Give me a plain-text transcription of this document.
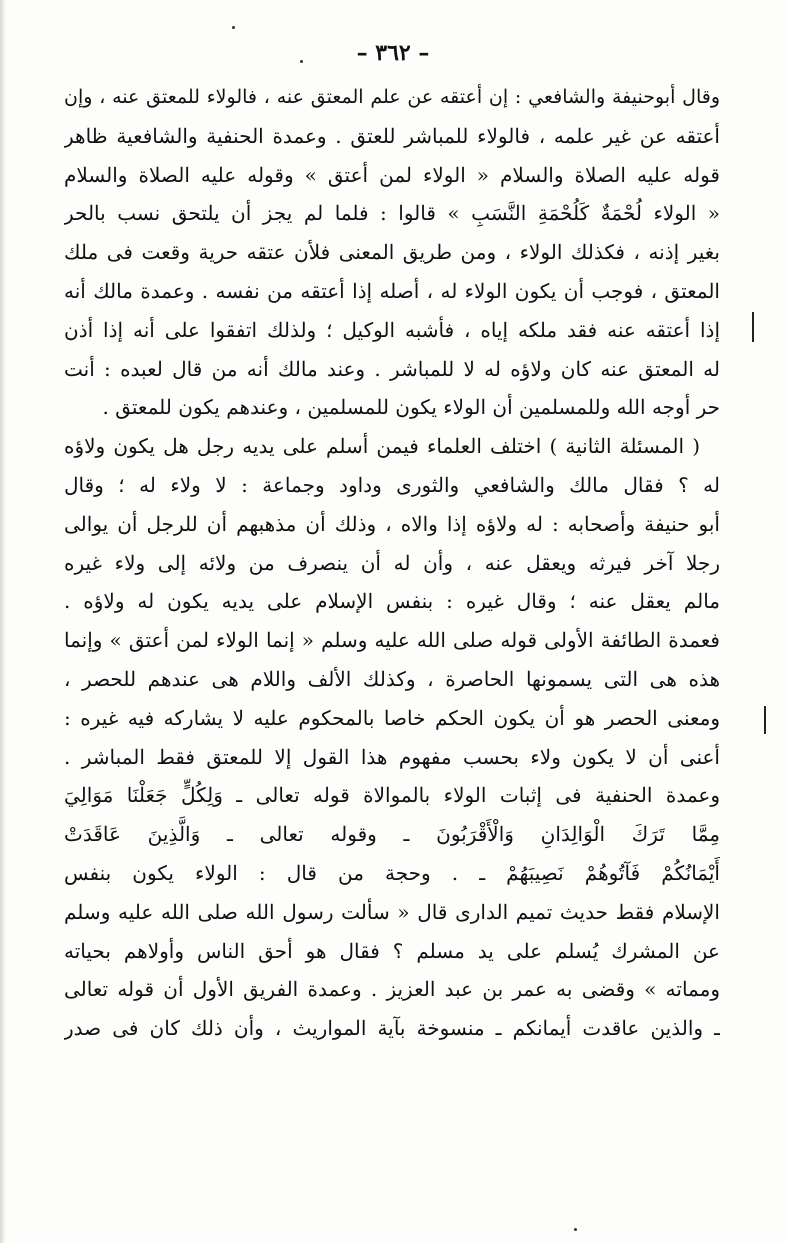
– ٣٦٢ –
وقال أبوحنيفة والشافعي : إن أعتقه عن علم المعتق عنه ، فالولاء للمعتق عنه ، وإن
أعتقه عن غير علمه ، فالولاء للمباشر للعتق . وعمدة الحنفية والشافعية ظاهر
قوله عليه الصلاة والسلام « الولاء لمن أعتق » وقوله عليه الصلاة والسلام
« الولاء لُحْمَةٌ كَلُحْمَةِ النَّسَبِ » قالوا : فلما لم يجز أن يلتحق نسب بالحر
بغير إذنه ، فكذلك الولاء ، ومن طريق المعنى فلأن عتقه حرية وقعت فى ملك
المعتق ، فوجب أن يكون الولاء له ، أصله إذا أعتقه من نفسه . وعمدة مالك أنه
إذا أعتقه عنه فقد ملكه إياه ، فأشبه الوكيل ؛ ولذلك اتفقوا على أنه إذا أذن
له المعتق عنه كان ولاؤه له لا للمباشر . وعند مالك أنه من قال لعبده : أنت
حر أوجه الله وللمسلمين أن الولاء يكون للمسلمين ، وعندهم يكون للمعتق .
( المسئلة الثانية ) اختلف العلماء فيمن أسلم على يديه رجل هل يكون ولاؤه
له ؟ فقال مالك والشافعي والثورى وداود وجماعة : لا ولاء له ؛ وقال
أبو حنيفة وأصحابه : له ولاؤه إذا والاه ، وذلك أن مذهبهم أن للرجل أن يوالى
رجلا آخر فيرثه ويعقل عنه ، وأن له أن ينصرف من ولائه إلى ولاء غيره
مالم يعقل عنه ؛ وقال غيره : بنفس الإسلام على يديه يكون له ولاؤه .
فعمدة الطائفة الأولى قوله صلى الله عليه وسلم « إنما الولاء لمن أعتق » وإنما
هذه هى التى يسمونها الحاصرة ، وكذلك الألف واللام هى عندهم للحصر ،
ومعنى الحصر هو أن يكون الحكم خاصا بالمحكوم عليه لا يشاركه فيه غيره :
أعنى أن لا يكون ولاء بحسب مفهوم هذا القول إلا للمعتق فقط المباشر .
وعمدة الحنفية فى إثبات الولاء بالموالاة قوله تعالى ـ وَلِكُلٍّ جَعَلْنَا مَوَالِيَ
مِمَّا تَرَكَ الْوَالِدَانِ وَالْأَقْرَبُونَ ـ وقوله تعالى ـ وَالَّذِينَ عَاقَدَتْ
أَيْمَانُكُمْ فَآتُوهُمْ نَصِيبَهُمْ ـ . وحجة من قال : الولاء يكون بنفس
الإسلام فقط حديث تميم الدارى قال « سألت رسول الله صلى الله عليه وسلم
عن المشرك يُسلم على يد مسلم ؟ فقال هو أحق الناس وأولاهم بحياته
ومماته » وقضى به عمر بن عبد العزيز . وعمدة الفريق الأول أن قوله تعالى
ـ والذين عاقدت أيمانكم ـ منسوخة بآية المواريث ، وأن ذلك كان فى صدر
